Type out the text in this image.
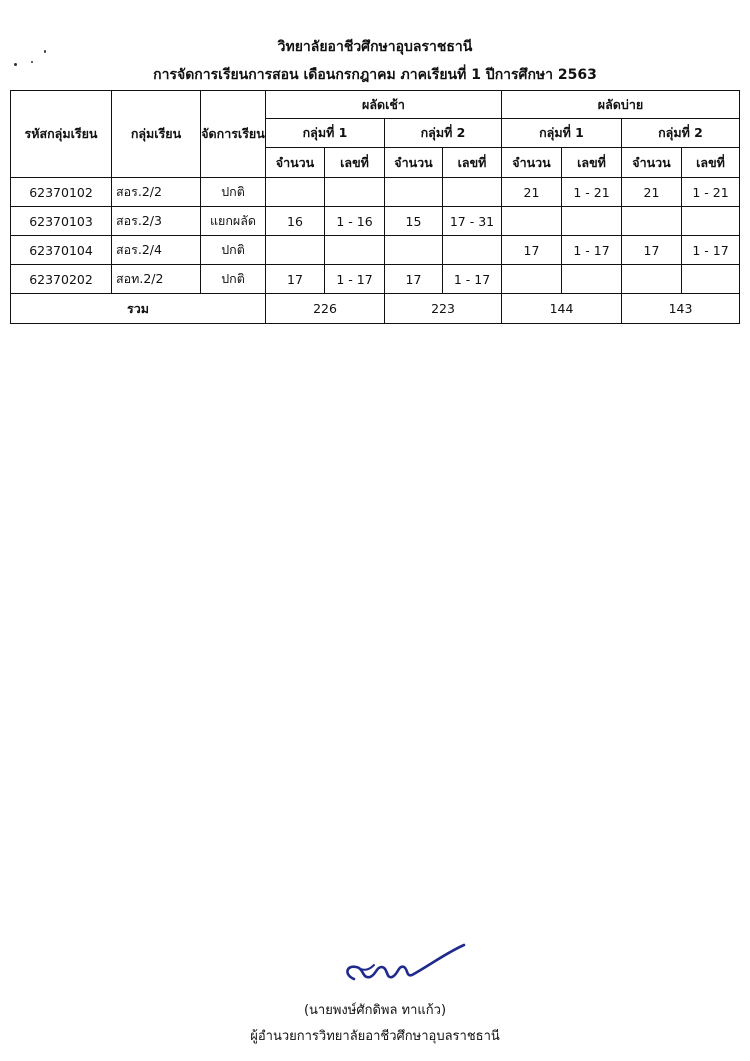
วิทยาลัยอาชีวศึกษาอุบลราชธานี
การจัดการเรียนการสอน เดือนกรกฎาคม ภาคเรียนที่ 1 ปีการศึกษา 2563
รหัสกลุ่มเรียน	กลุ่มเรียน	จัดการเรียน	ผลัดเช้า				ผลัดบ่าย			
			กลุ่มที่ 1		กลุ่มที่ 2		กลุ่มที่ 1		กลุ่มที่ 2	
			จำนวน	เลขที่	จำนวน	เลขที่	จำนวน	เลขที่	จำนวน	เลขที่
62370102	สอร.2/2	ปกติ					21	1 - 21	21	1 - 21
62370103	สอร.2/3	แยกผลัด	16	1 - 16	15	17 - 31				
62370104	สอร.2/4	ปกติ					17	1 - 17	17	1 - 17
62370202	สอท.2/2	ปกติ	17	1 - 17	17	1 - 17				
รวม			226		223		144		143	
(นายพงษ์ศักดิพล ทาแก้ว)
ผู้อำนวยการวิทยาลัยอาชีวศึกษาอุบลราชธานี
